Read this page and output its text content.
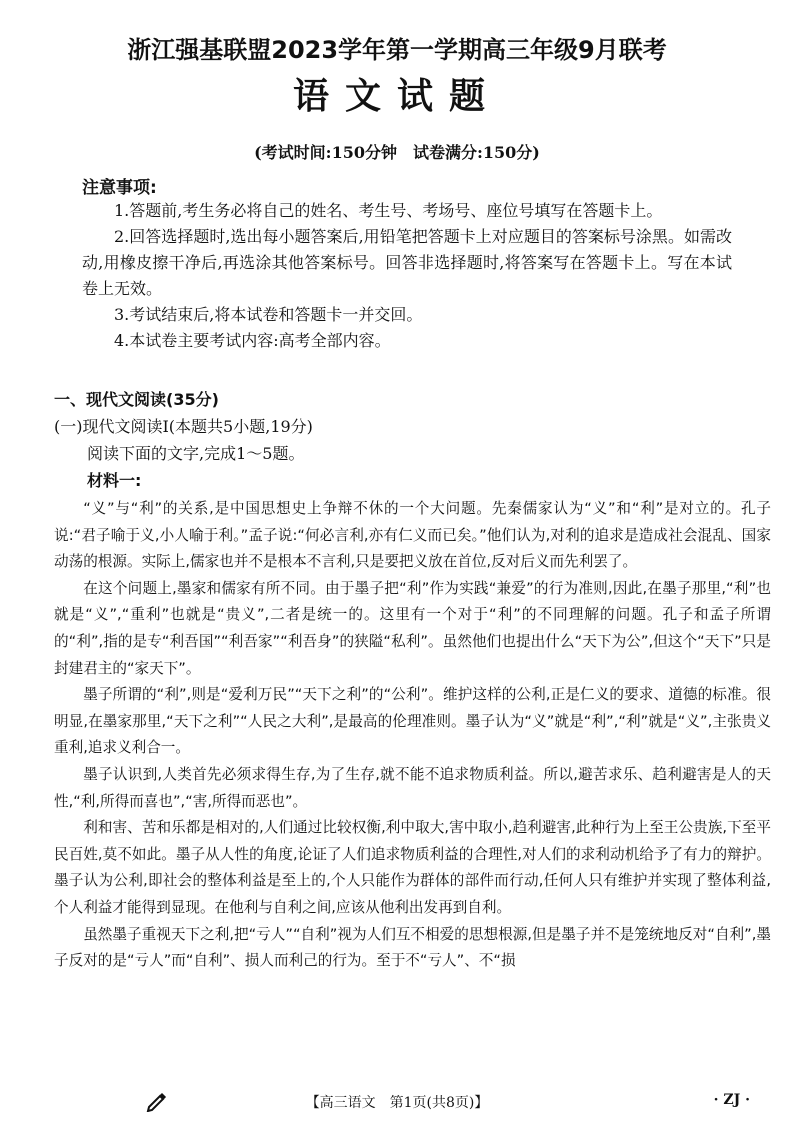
浙江强基联盟2023学年第一学期高三年级9月联考
语文试题
(考试时间:150分钟　试卷满分:150分)
注意事项:

1.答题前,考生务必将自己的姓名、考生号、考场号、座位号填写在答题卡上。

2.回答选择题时,选出每小题答案后,用铅笔把答题卡上对应题目的答案标号涂黑。如需改动,用橡皮擦干净后,再选涂其他答案标号。回答非选择题时,将答案写在答题卡上。写在本试卷上无效。

3.考试结束后,将本试卷和答题卡一并交回。

4.本试卷主要考试内容:高考全部内容。

一、现代文阅读(35分)
(一)现代文阅读Ⅰ(本题共5小题,19分)
阅读下面的文字,完成1～5题。
材料一:

“义”与“利”的关系,是中国思想史上争辩不休的一个大问题。先秦儒家认为“义”和“利”是对立的。孔子说:“君子喻于义,小人喻于利。”孟子说:“何必言利,亦有仁义而已矣。”他们认为,对利的追求是造成社会混乱、国家动荡的根源。实际上,儒家也并不是根本不言利,只是要把义放在首位,反对后义而先利罢了。

在这个问题上,墨家和儒家有所不同。由于墨子把“利”作为实践“兼爱”的行为准则,因此,在墨子那里,“利”也就是“义”,“重利”也就是“贵义”,二者是统一的。这里有一个对于“利”的不同理解的问题。孔子和孟子所谓的“利”,指的是专“利吾国”“利吾家”“利吾身”的狭隘“私利”。虽然他们也提出什么“天下为公”,但这个“天下”只是封建君主的“家天下”。

墨子所谓的“利”,则是“爱利万民”“天下之利”的“公利”。维护这样的公利,正是仁义的要求、道德的标准。很明显,在墨家那里,“天下之利”“人民之大利”,是最高的伦理准则。墨子认为“义”就是“利”,“利”就是“义”,主张贵义重利,追求义利合一。

墨子认识到,人类首先必须求得生存,为了生存,就不能不追求物质利益。所以,避苦求乐、趋利避害是人的天性,“利,所得而喜也”,“害,所得而恶也”。

利和害、苦和乐都是相对的,人们通过比较权衡,利中取大,害中取小,趋利避害,此种行为上至王公贵族,下至平民百姓,莫不如此。墨子从人性的角度,论证了人们追求物质利益的合理性,对人们的求利动机给予了有力的辩护。墨子认为公利,即社会的整体利益是至上的,个人只能作为群体的部件而行动,任何人只有维护并实现了整体利益,个人利益才能得到显现。在他利与自利之间,应该从他利出发再到自利。

虽然墨子重视天下之利,把“亏人”“自利”视为人们互不相爱的思想根源,但是墨子并不是笼统地反对“自利”,墨子反对的是“亏人”而“自利”、损人而利己的行为。至于不“亏人”、不“损

【高三语文　第1页(共8页)】	· ZJ ·
